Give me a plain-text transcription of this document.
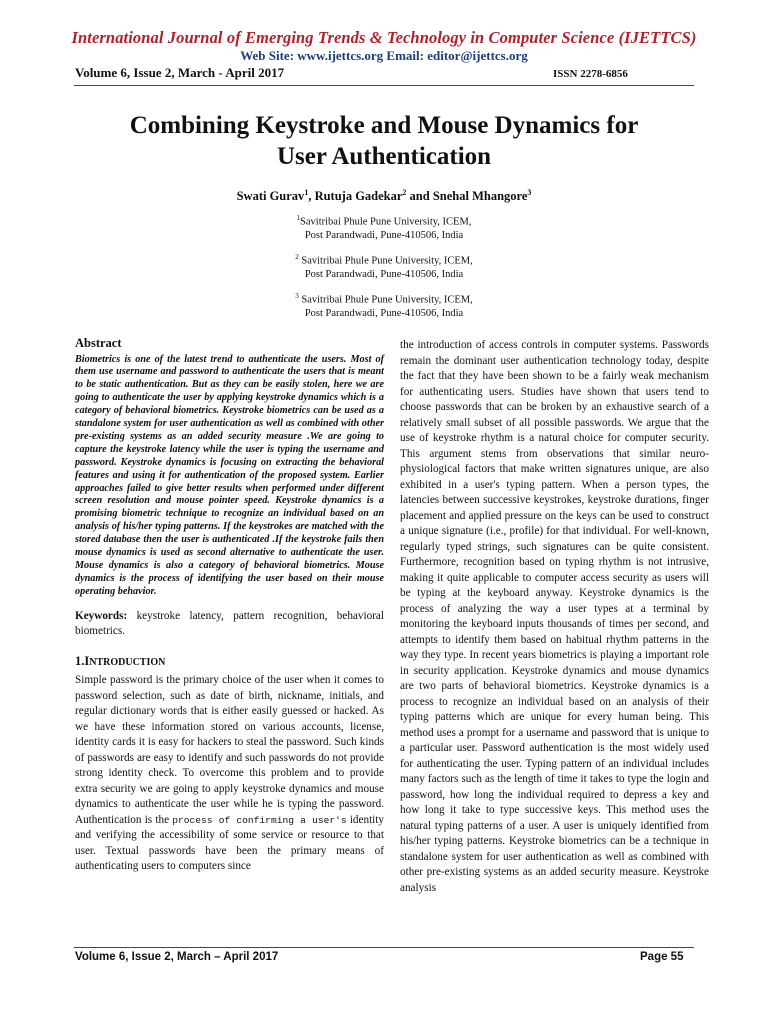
International Journal of Emerging Trends & Technology in Computer Science (IJETTCS)
Web Site: www.ijettcs.org Email: editor@ijettcs.org
Volume 6, Issue 2, March - April 2017	ISSN 2278-6856
Combining Keystroke and Mouse Dynamics for
User Authentication
Swati Gurav$^1$, Rutuja Gadekar$^2$ and Snehal Mhangore$^3$
$^1$Savitribai Phule Pune University, ICEM,
Post Parandwadi, Pune-410506, India
$^2$ Savitribai Phule Pune University, ICEM,
Post Parandwadi, Pune-410506, India
$^3$ Savitribai Phule Pune University, ICEM,
Post Parandwadi, Pune-410506, India
Abstract
Biometrics is one of the latest trend to authenticate the users. Most of them use username and password to authenticate the users that is meant to be static authentication. But as they can be easily stolen, here we are going to authenticate the user by applying keystroke dynamics which is a category of behavioral biometrics. Keystroke biometrics can be used as a standalone system for user authentication as well as combined with other pre-existing systems as an added security measure .We are going to capture the keystroke latency while the user is typing the username and password. Keystroke dynamics is focusing on extracting the behavioral features and using it for authentication of the proposed system. Earlier approaches failed to give better results when performed under different screen resolution and mouse pointer speed. Keystroke dynamics is a promising biometric technique to recognize an individual based on an analysis of his/her typing patterns. If the keystrokes are matched with the stored database then the user is authenticated .If the keystroke fails then mouse dynamics is used as second alternative to authenticate the user. Mouse dynamics is also a category of behavioral biometrics. Mouse dynamics is the process of identifying the user based on their mouse operating behavior.
Keywords: keystroke latency, pattern recognition, behavioral biometrics.
1.INTRODUCTION
Simple password is the primary choice of the user when it comes to password selection, such as date of birth, nickname, initials, and regular dictionary words that is either easily guessed or hacked. As we have these information stored on various accounts, license, identity cards it is easy for hackers to steal the password. Such kinds of passwords are easy to identify and such passwords do not provide strong identity check. To overcome this problem and to provide extra security we are going to apply keystroke dynamics and mouse dynamics to authenticate the user while he is typing the password. Authentication is the process of confirming a user's identity and verifying the accessibility of some service or resource to that user. Textual passwords have been the primary means of authenticating users to computers since
the introduction of access controls in computer systems. Passwords remain the dominant user authentication technology today, despite the fact that they have been shown to be a fairly weak mechanism for authenticating users. Studies have shown that users tend to choose passwords that can be broken by an exhaustive search of a relatively small subset of all possible passwords. We argue that the use of keystroke rhythm is a natural choice for computer security. This argument stems from observations that similar neuro-physiological factors that make written signatures unique, are also exhibited in a user's typing pattern. When a person types, the latencies between successive keystrokes, keystroke durations, finger placement and applied pressure on the keys can be used to construct a unique signature (i.e., profile) for that individual. For well-known, regularly typed strings, such signatures can be quite consistent. Furthermore, recognition based on typing rhythm is not intrusive, making it quite applicable to computer access security as users will be typing at the keyboard anyway. Keystroke dynamics is the process of analyzing the way a user types at a terminal by monitoring the keyboard inputs thousands of times per second, and attempts to identify them based on habitual rhythm patterns in the way they type. In recent years biometrics is playing a important role in security application. Keystroke dynamics and mouse dynamics are two parts of behavioral biometrics. Keystroke dynamics is a process to recognize an individual based on an analysis of their typing patterns which are unique for every human being. This method uses a prompt for a username and password that is unique to a particular user. Password authentication is the most widely used for authenticating the user. Typing pattern of an individual includes many factors such as the length of time it takes to type the login and password, how long the individual required to depress a key and how long it take to type successive keys. This method uses the natural typing patterns of a user. A user is uniquely identified from his/her typing patterns. Keystroke biometrics can be a technique in standalone system for user authentication as well as combined with other pre-existing systems as an added security measure. Keystroke analysis
Volume 6, Issue 2, March – April 2017	Page 55
